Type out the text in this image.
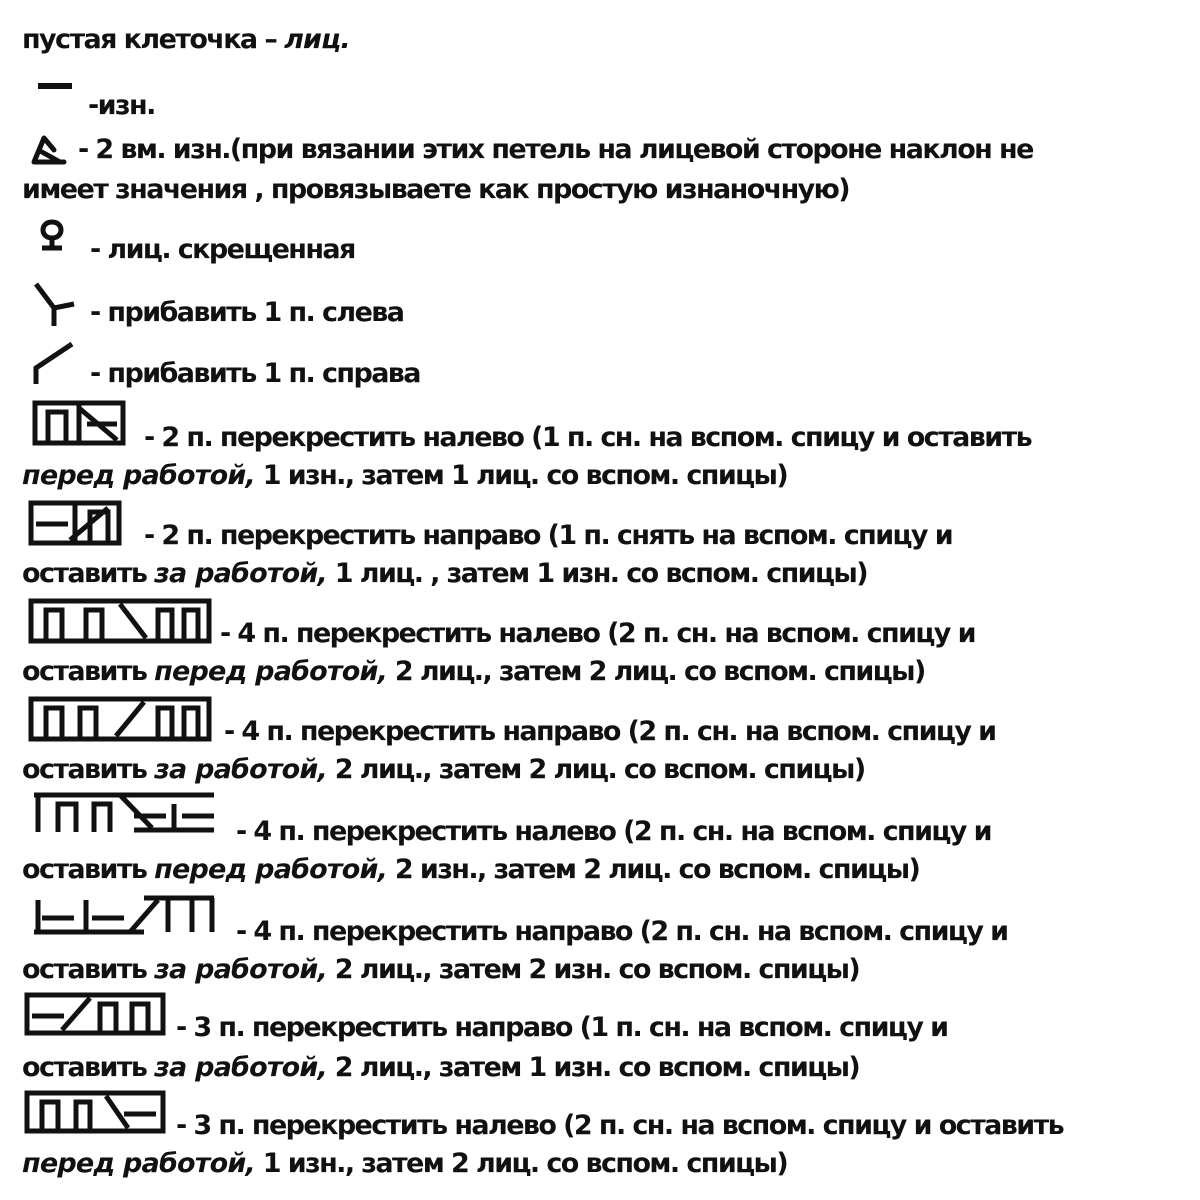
пустая клеточка – лиц.
-изн.
- 2 вм. изн.(при вязании этих петель на лицевой стороне наклон не
имеет значения , провязываете как простую изнаночную)
- лиц. скрещенная
- прибавить 1 п. слева
- прибавить 1 п. справа
- 2 п. перекрестить налево (1 п. сн. на вспом. спицу и оставить
перед работой, 1 изн., затем 1 лиц. со вспом. спицы)
- 2 п. перекрестить направо (1 п. снять на вспом. спицу и
оставить за работой, 1 лиц. , затем 1 изн. со вспом. спицы)
- 4 п. перекрестить налево (2 п. сн. на вспом. спицу и
оставить перед работой, 2 лиц., затем 2 лиц. со вспом. спицы)
- 4 п. перекрестить направо (2 п. сн. на вспом. спицу и
оставить за работой, 2 лиц., затем 2 лиц. со вспом. спицы)
- 4 п. перекрестить налево (2 п. сн. на вспом. спицу и
оставить перед работой, 2 изн., затем 2 лиц. со вспом. спицы)
- 4 п. перекрестить направо (2 п. сн. на вспом. спицу и
оставить за работой, 2 лиц., затем 2 изн. со вспом. спицы)
- 3 п. перекрестить направо (1 п. сн. на вспом. спицу и
оставить за работой, 2 лиц., затем 1 изн. со вспом. спицы)
- 3 п. перекрестить налево (2 п. сн. на вспом. спицу и оставить
перед работой, 1 изн., затем 2 лиц. со вспом. спицы)
